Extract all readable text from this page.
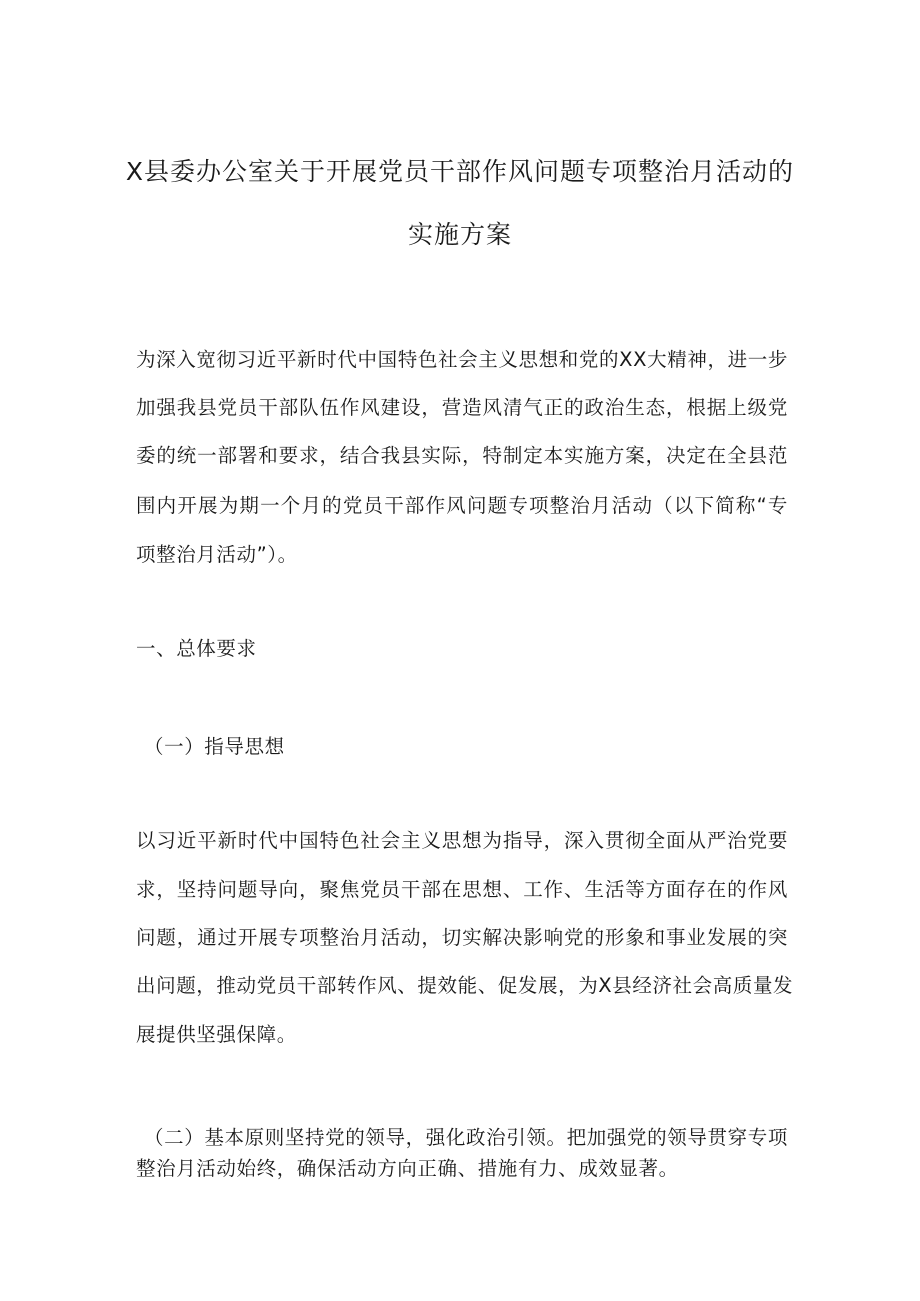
X县委办公室关于开展党员干部作风问题专项整治月活动的
实施方案
为深入宽彻习近平新时代中国特色社会主义思想和党的XX大精神，进一步
加强我县党员干部队伍作风建设，营造风清气正的政治生态，根据上级党
委的统一部署和要求，结合我县实际，特制定本实施方案，决定在全县范
围内开展为期一个月的党员干部作风问题专项整治月活动（以下简称“专
项整治月活动”）。
一、总体要求
（一）指导思想
以习近平新时代中国特色社会主义思想为指导，深入贯彻全面从严治党要
求，坚持问题导向，聚焦党员干部在思想、工作、生活等方面存在的作风
问题，通过开展专项整治月活动，切实解决影响党的形象和事业发展的突
出问题，推动党员干部转作风、提效能、促发展，为X县经济社会高质量发
展提供坚强保障。
（二）基本原则坚持党的领导，强化政治引领。把加强党的领导贯穿专项
整治月活动始终，确保活动方向正确、措施有力、成效显著。
